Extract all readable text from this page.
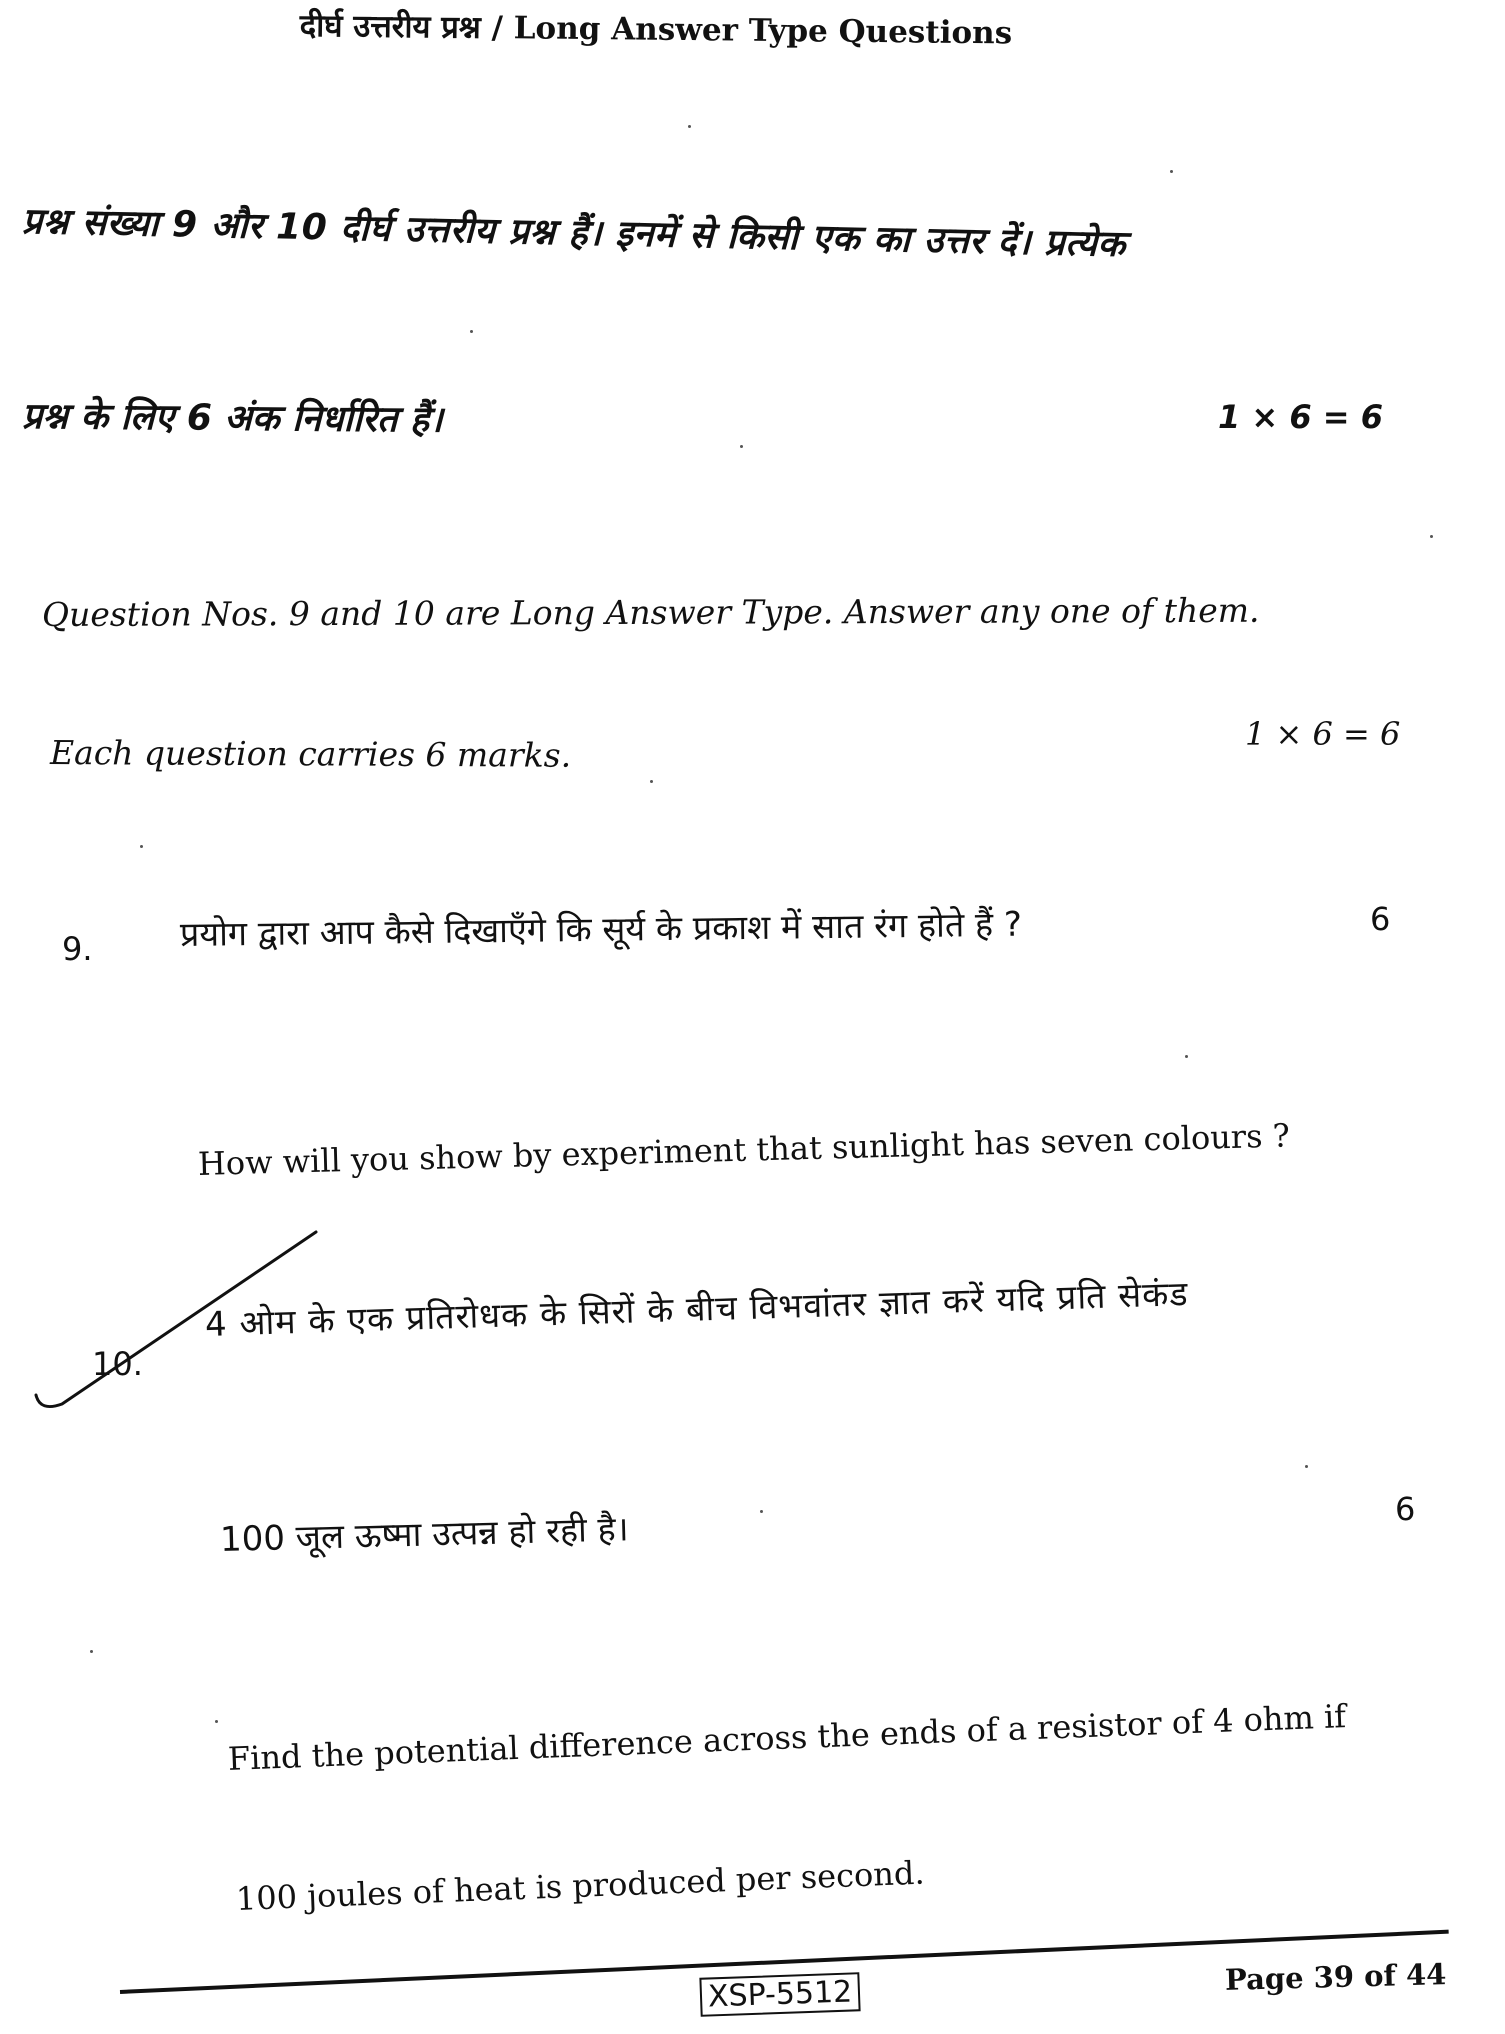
दीर्घ उत्तरीय प्रश्न / Long Answer Type Questions
प्रश्न संख्या 9 और 10 दीर्घ उत्तरीय प्रश्न हैं। इनमें से किसी एक का उत्तर दें। प्रत्येक
प्रश्न के लिए 6 अंक निर्धारित हैं।	1 × 6 = 6
Question Nos. 9 and 10 are Long Answer Type. Answer any one of them.
Each question carries 6 marks.	1 × 6 = 6
9.	प्रयोग द्वारा आप कैसे दिखाएँगे कि सूर्य के प्रकाश में सात रंग होते हैं ?	6
How will you show by experiment that sunlight has seven colours ?
10.
4 ओम के एक प्रतिरोधक के सिरों के बीच विभवांतर ज्ञात करें यदि प्रति सेकंड
100 जूल ऊष्मा उत्पन्न हो रही है।
6
Find the potential difference across the ends of a resistor of 4 ohm if
100 joules of heat is produced per second.
XSP-5512	Page 39 of 44
